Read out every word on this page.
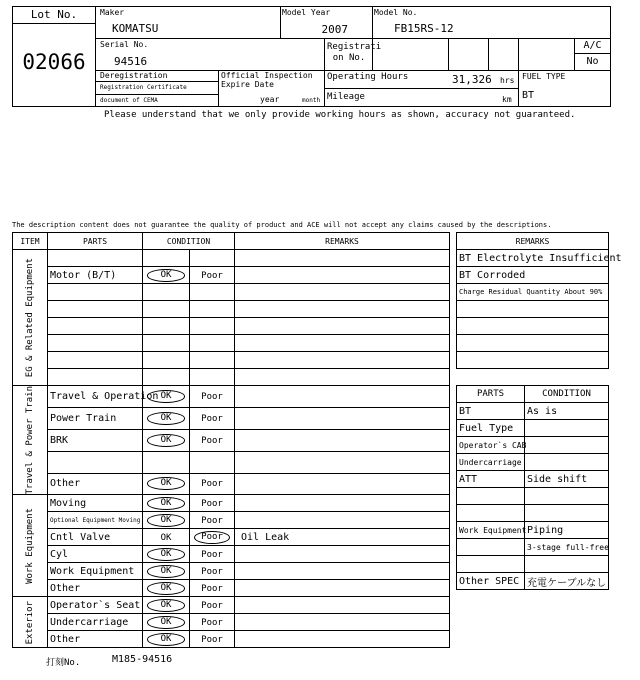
Lot No.
02066
Maker
KOMATSU
Model Year
2007
Model No.
FB15RS-12
Serial No.
94516
Registrati on No.
A/C
No
Deregistration
Registration Certificate
document of CEMA
Official Inspection Expire Date
year	month
Operating Hours	31,326 hrs
Mileage	km
FUEL TYPE
BT
Please understand that we only provide working hours as shown, accuracy not guaranteed.
The description content does not guarantee the quality of product and ACE will not accept any claims caused by the descriptions.
ITEM	PARTS	CONDITION		REMARKS

EG & Related Equipment				

	Motor (B/T)	OK	Poor	

Travel & Power Train	Travel & Operation	OK	Poor	
	Power Train	OK	Poor	
	BRK	OK	Poor	

	Other	OK	Poor	

Work Equipment	Moving	OK	Poor	
	Optional Equipment Moving	OK	Poor	
	Cntl Valve	OK	Poor	Oil Leak
	Cyl	OK	Poor	
	Work Equipment	OK	Poor	
	Other	OK	Poor	

Exterior	Operator`s Seat	OK	Poor	
	Undercarriage	OK	Poor	
	Other	OK	Poor	
REMARKS
BT Electrolyte Insufficient
BT Corroded
Charge Residual Quantity About 90%

PARTS	CONDITION
BT	As is
Fuel Type	
Operator`s CAB	
Undercarriage	
ATT	Side shift

Work Equipment	Piping
	3-stage full-free

Other SPEC	充電ケーブルなし
打刻No.	M185-94516
